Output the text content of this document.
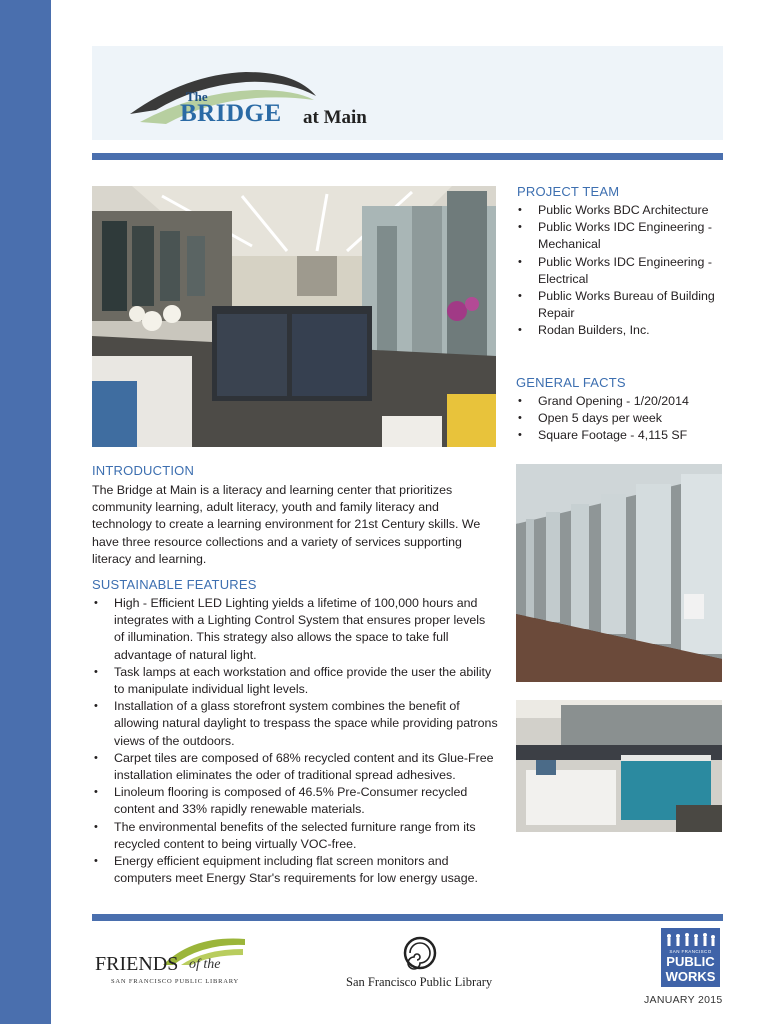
The
BRIDGE at Main
PROJECT TEAM
• Public Works BDC Architecture
• Public Works IDC Engineering - Mechanical
• Public Works IDC Engineering - Electrical
• Public Works Bureau of Building Repair
• Rodan Builders, Inc.
GENERAL FACTS
• Grand Opening - 1/20/2014
• Open 5 days per week
• Square Footage - 4,115 SF
INTRODUCTION

The Bridge at Main is a literacy and learning center that prioritizes community learning, adult literacy, youth and family literacy and technology to create a learning environment for 21st Century skills. We have three resource collections and a variety of services supporting literacy and learning.

SUSTAINABLE FEATURES
• High - Efficient LED Lighting yields a lifetime of 100,000 hours and integrates with a Lighting Control System that ensures proper levels of illumination. This strategy also allows the space to take full advantage of natural light.
• Task lamps at each workstation and office provide the user the ability to manipulate individual light levels.
• Installation of a glass storefront system combines the benefit of allowing natural daylight to trespass the space while providing patrons views of the outdoors.
• Carpet tiles are composed of 68% recycled content and its Glue-Free installation eliminates the oder of traditional spread adhesives.
• Linoleum flooring is composed of 46.5% Pre-Consumer recycled content and 33% rapidly renewable materials.
• The environmental benefits of the selected furniture range from its recycled content to being virtually VOC-free.
• Energy efficient equipment including flat screen monitors and computers meet Energy Star's requirements for low energy usage.
FRIENDS of the
SAN FRANCISCO PUBLIC LIBRARY	San Francisco Public Library
SAN FRANCISCO
PUBLIC
WORKS
JANUARY 2015
